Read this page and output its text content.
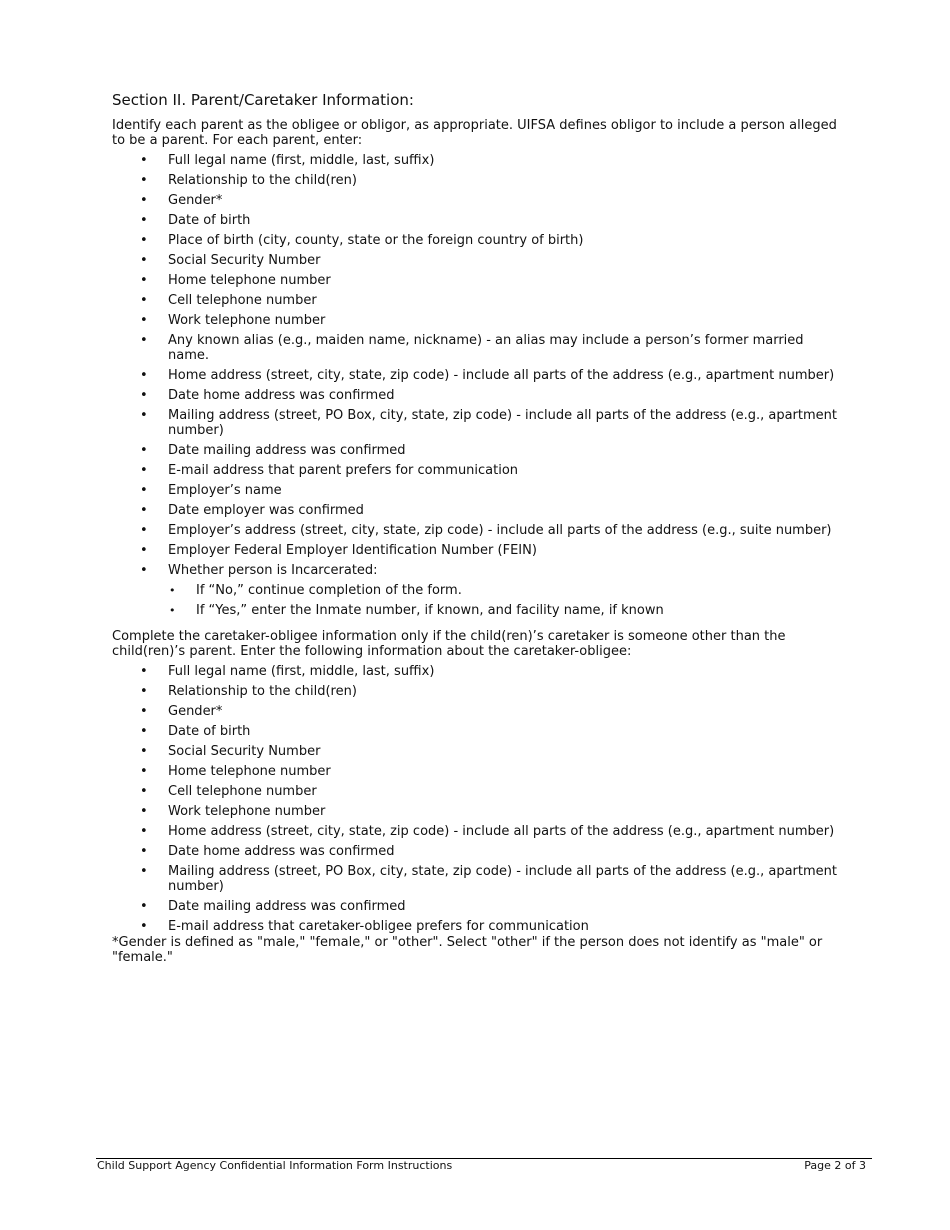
Section II. Parent/Caretaker Information:

Identify each parent as the obligee or obligor, as appropriate. UIFSA defines obligor to include a person alleged to be a parent. For each parent, enter:

• Full legal name (first, middle, last, suffix)
• Relationship to the child(ren)
• Gender*
• Date of birth
• Place of birth (city, county, state or the foreign country of birth)
• Social Security Number
• Home telephone number
• Cell telephone number
• Work telephone number
• Any known alias (e.g., maiden name, nickname) - an alias may include a person’s former married name.
• Home address (street, city, state, zip code) - include all parts of the address (e.g., apartment number)
• Date home address was confirmed
• Mailing address (street, PO Box, city, state, zip code) - include all parts of the address (e.g., apartment number)
• Date mailing address was confirmed
• E-mail address that parent prefers for communication
• Employer’s name
• Date employer was confirmed
• Employer’s address (street, city, state, zip code) - include all parts of the address (e.g., suite number)
• Employer Federal Employer Identification Number (FEIN)
• Whether person is Incarcerated:
• If “No,” continue completion of the form.
• If “Yes,” enter the Inmate number, if known, and facility name, if known

Complete the caretaker-obligee information only if the child(ren)’s caretaker is someone other than the child(ren)’s parent. Enter the following information about the caretaker-obligee:

• Full legal name (first, middle, last, suffix)
• Relationship to the child(ren)
• Gender*
• Date of birth
• Social Security Number
• Home telephone number
• Cell telephone number
• Work telephone number
• Home address (street, city, state, zip code) - include all parts of the address (e.g., apartment number)
• Date home address was confirmed
• Mailing address (street, PO Box, city, state, zip code) - include all parts of the address (e.g., apartment number)
• Date mailing address was confirmed
• E-mail address that caretaker-obligee prefers for communication

*Gender is defined as "male," "female," or "other". Select "other" if the person does not identify as "male" or "female."

Child Support Agency Confidential Information Form Instructions	Page 2 of 3
